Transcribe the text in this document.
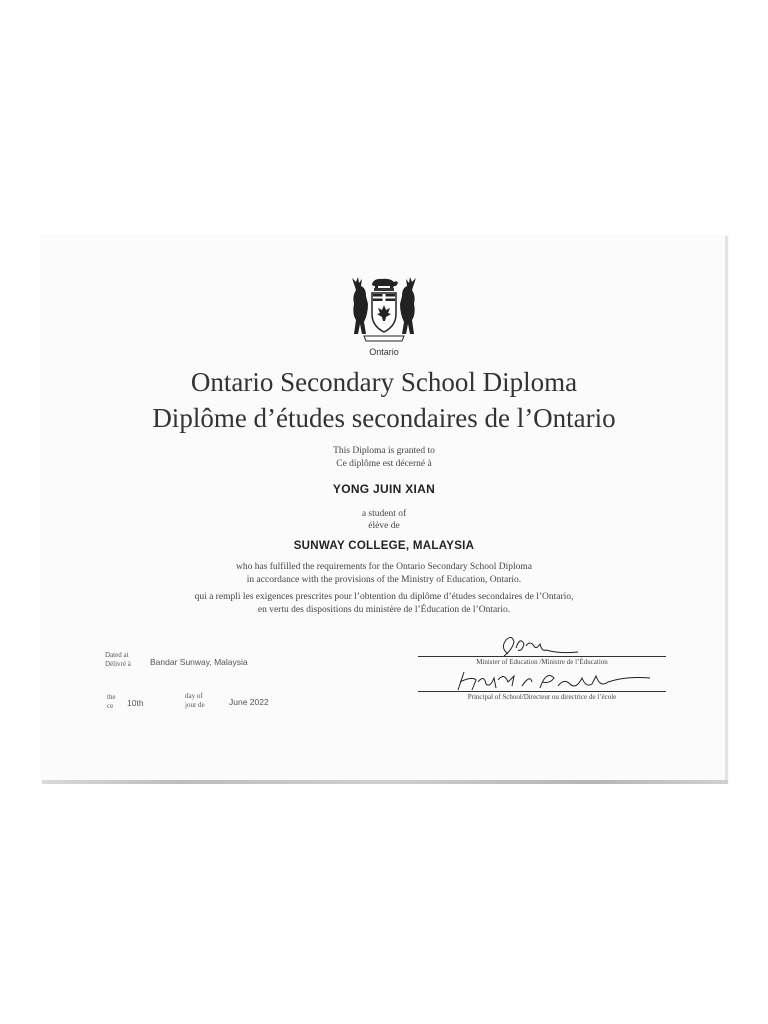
Ontario
Ontario Secondary School Diploma
Diplôme d’études secondaires de l’Ontario
This Diploma is granted to
Ce diplôme est décerné à
YONG JUIN XIAN
a student of
élève de
SUNWAY COLLEGE, MALAYSIA
who has fulfilled the requirements for the Ontario Secondary School Diploma
in accordance with the provisions of the Ministry of Education, Ontario.
qui a rempli les exigences prescrites pour l’obtention du diplôme d’études secondaires de l’Ontario,
en vertu des dispositions du ministère de l’Éducation de l’Ontario.
Dated at
Délivré à Bandar Sunway, Malaysia
the
ce 10th
day of
jour de	June 2022
Minister of Education /Ministre de l’Éducation
Principal of School/Directeur ou directrice de l’école
